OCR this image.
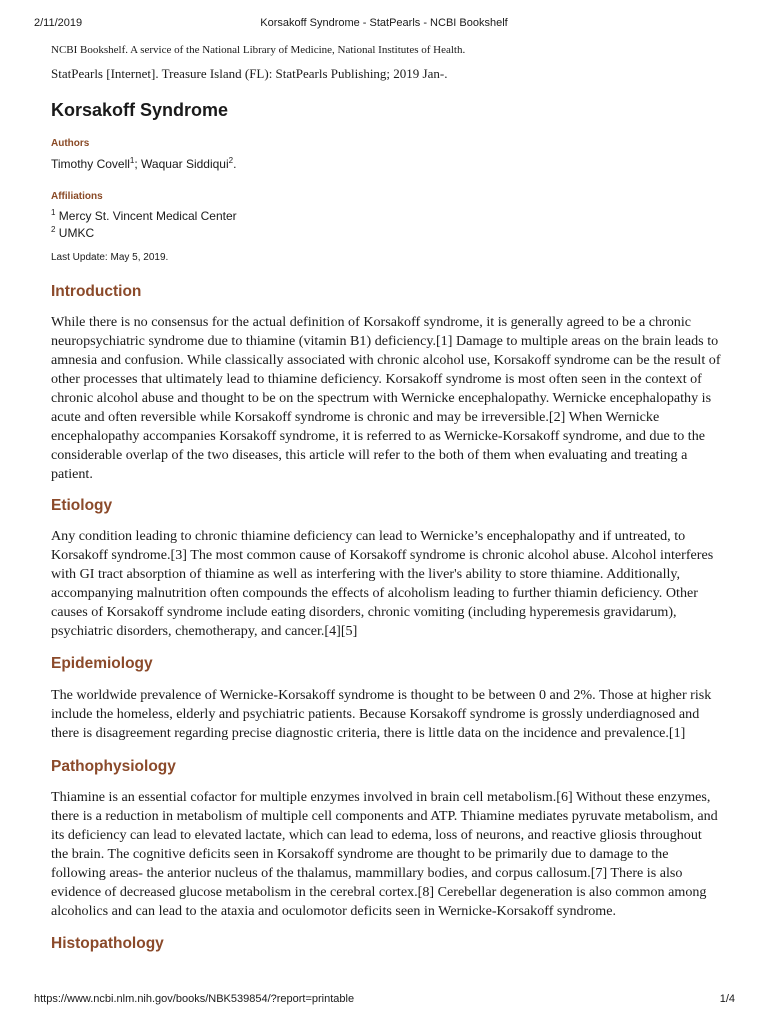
2/11/2019	Korsakoff Syndrome - StatPearls - NCBI Bookshelf
NCBI Bookshelf. A service of the National Library of Medicine, National Institutes of Health.
StatPearls [Internet]. Treasure Island (FL): StatPearls Publishing; 2019 Jan-.
Korsakoff Syndrome
Authors
Timothy Covell$^1$; Waquar Siddiqui$^2$.
Affiliations
$^1$ Mercy St. Vincent Medical Center
$^2$ UMKC
Last Update: May 5, 2019.
Introduction

While there is no consensus for the actual definition of Korsakoff syndrome, it is generally agreed to be a chronic neuropsychiatric syndrome due to thiamine (vitamin B1) deficiency.[1] Damage to multiple areas on the brain leads to amnesia and confusion. While classically associated with chronic alcohol use, Korsakoff syndrome can be the result of other processes that ultimately lead to thiamine deficiency. Korsakoff syndrome is most often seen in the context of chronic alcohol abuse and thought to be on the spectrum with Wernicke encephalopathy. Wernicke encephalopathy is acute and often reversible while Korsakoff syndrome is chronic and may be irreversible.[2] When Wernicke encephalopathy accompanies Korsakoff syndrome, it is referred to as Wernicke-Korsakoff syndrome, and due to the considerable overlap of the two diseases, this article will refer to the both of them when evaluating and treating a patient.

Etiology

Any condition leading to chronic thiamine deficiency can lead to Wernicke’s encephalopathy and if untreated, to Korsakoff syndrome.[3] The most common cause of Korsakoff syndrome is chronic alcohol abuse. Alcohol interferes with GI tract absorption of thiamine as well as interfering with the liver's ability to store thiamine. Additionally, accompanying malnutrition often compounds the effects of alcoholism leading to further thiamin deficiency. Other causes of Korsakoff syndrome include eating disorders, chronic vomiting (including hyperemesis gravidarum), psychiatric disorders, chemotherapy, and cancer.[4][5]

Epidemiology

The worldwide prevalence of Wernicke-Korsakoff syndrome is thought to be between 0 and 2%. Those at higher risk include the homeless, elderly and psychiatric patients. Because Korsakoff syndrome is grossly underdiagnosed and there is disagreement regarding precise diagnostic criteria, there is little data on the incidence and prevalence.[1]

Pathophysiology

Thiamine is an essential cofactor for multiple enzymes involved in brain cell metabolism.[6] Without these enzymes, there is a reduction in metabolism of multiple cell components and ATP. Thiamine mediates pyruvate metabolism, and its deficiency can lead to elevated lactate, which can lead to edema, loss of neurons, and reactive gliosis throughout the brain. The cognitive deficits seen in Korsakoff syndrome are thought to be primarily due to damage to the following areas- the anterior nucleus of the thalamus, mammillary bodies, and corpus callosum.[7] There is also evidence of decreased glucose metabolism in the cerebral cortex.[8] Cerebellar degeneration is also common among alcoholics and can lead to the ataxia and oculomotor deficits seen in Wernicke-Korsakoff syndrome.

Histopathology
https://www.ncbi.nlm.nih.gov/books/NBK539854/?report=printable	1/4
